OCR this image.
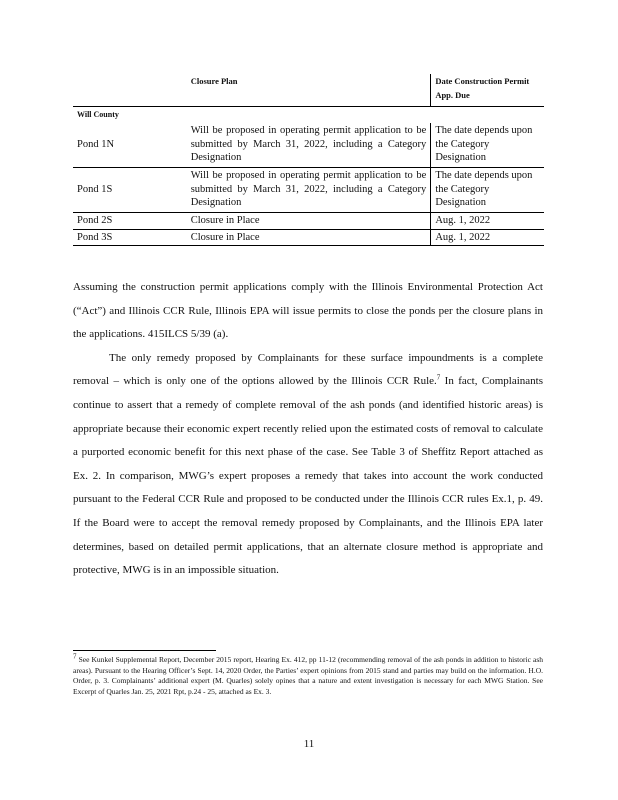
	Closure Plan	Date Construction Permit App. Due
Will County		
Pond 1N	Will be proposed in operating permit application to be submitted by March 31, 2022, including a Category Designation	The date depends upon the Category Designation
Pond 1S	Will be proposed in operating permit application to be submitted by March 31, 2022, including a Category Designation	The date depends upon the Category Designation
Pond 2S	Closure in Place	Aug. 1, 2022
Pond 3S	Closure in Place	Aug. 1, 2022

Assuming the construction permit applications comply with the Illinois Environmental Protection Act (“Act”) and Illinois CCR Rule, Illinois EPA will issue permits to close the ponds per the closure plans in the applications. 415ILCS 5/39 (a).

The only remedy proposed by Complainants for these surface impoundments is a complete removal – which is only one of the options allowed by the Illinois CCR Rule.$^7$ In fact, Complainants continue to assert that a remedy of complete removal of the ash ponds (and identified historic areas) is appropriate because their economic expert recently relied upon the estimated costs of removal to calculate a purported economic benefit for this next phase of the case. See Table 3 of Sheffitz Report attached as Ex. 2. In comparison, MWG’s expert proposes a remedy that takes into account the work conducted pursuant to the Federal CCR Rule and proposed to be conducted under the Illinois CCR rules Ex.1, p. 49. If the Board were to accept the removal remedy proposed by Complainants, and the Illinois EPA later determines, based on detailed permit applications, that an alternate closure method is appropriate and protective, MWG is in an impossible situation.

7 See Kunkel Supplemental Report, December 2015 report, Hearing Ex. 412, pp 11-12 (recommending removal of the ash ponds in addition to historic ash areas). Pursuant to the Hearing Officer’s Sept. 14, 2020 Order, the Parties’ expert opinions from 2015 stand and parties may build on the information. H.O. Order, p. 3. Complainants’ additional expert (M. Quarles) solely opines that a nature and extent investigation is necessary for each MWG Station. See Excerpt of Quarles Jan. 25, 2021 Rpt, p.24 - 25, attached as Ex. 3.

11
